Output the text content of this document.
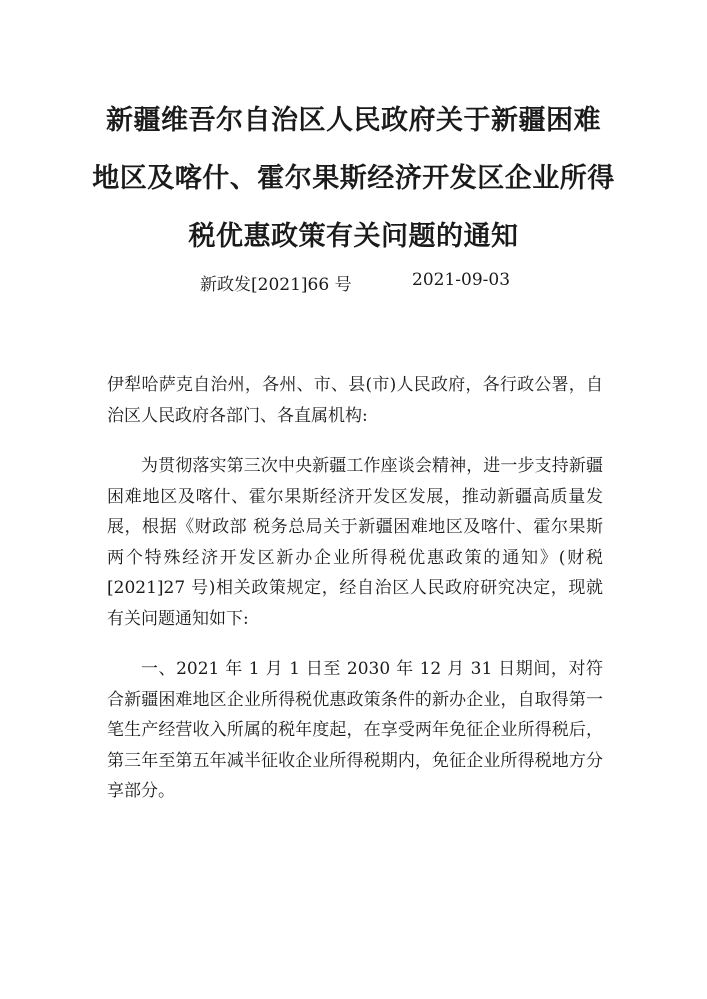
新疆维吾尔自治区人民政府关于新疆困难
地区及喀什、霍尔果斯经济开发区企业所得
税优惠政策有关问题的通知
新政发[2021]66 号	2021-09-03

伊犁哈萨克自治州，各州、市、县(市)人民政府，各行政公署，自治区人民政府各部门、各直属机构:

为贯彻落实第三次中央新疆工作座谈会精神，进一步支持新疆困难地区及喀什、霍尔果斯经济开发区发展，推动新疆高质量发展，根据《财政部 税务总局关于新疆困难地区及喀什、霍尔果斯两个特殊经济开发区新办企业所得税优惠政策的通知》(财税[2021]27 号)相关政策规定，经自治区人民政府研究决定，现就有关问题通知如下:

一、2021 年 1 月 1 日至 2030 年 12 月 31 日期间，对符合新疆困难地区企业所得税优惠政策条件的新办企业，自取得第一笔生产经营收入所属的税年度起，在享受两年免征企业所得税后，第三年至第五年减半征收企业所得税期内，免征企业所得税地方分享部分。
